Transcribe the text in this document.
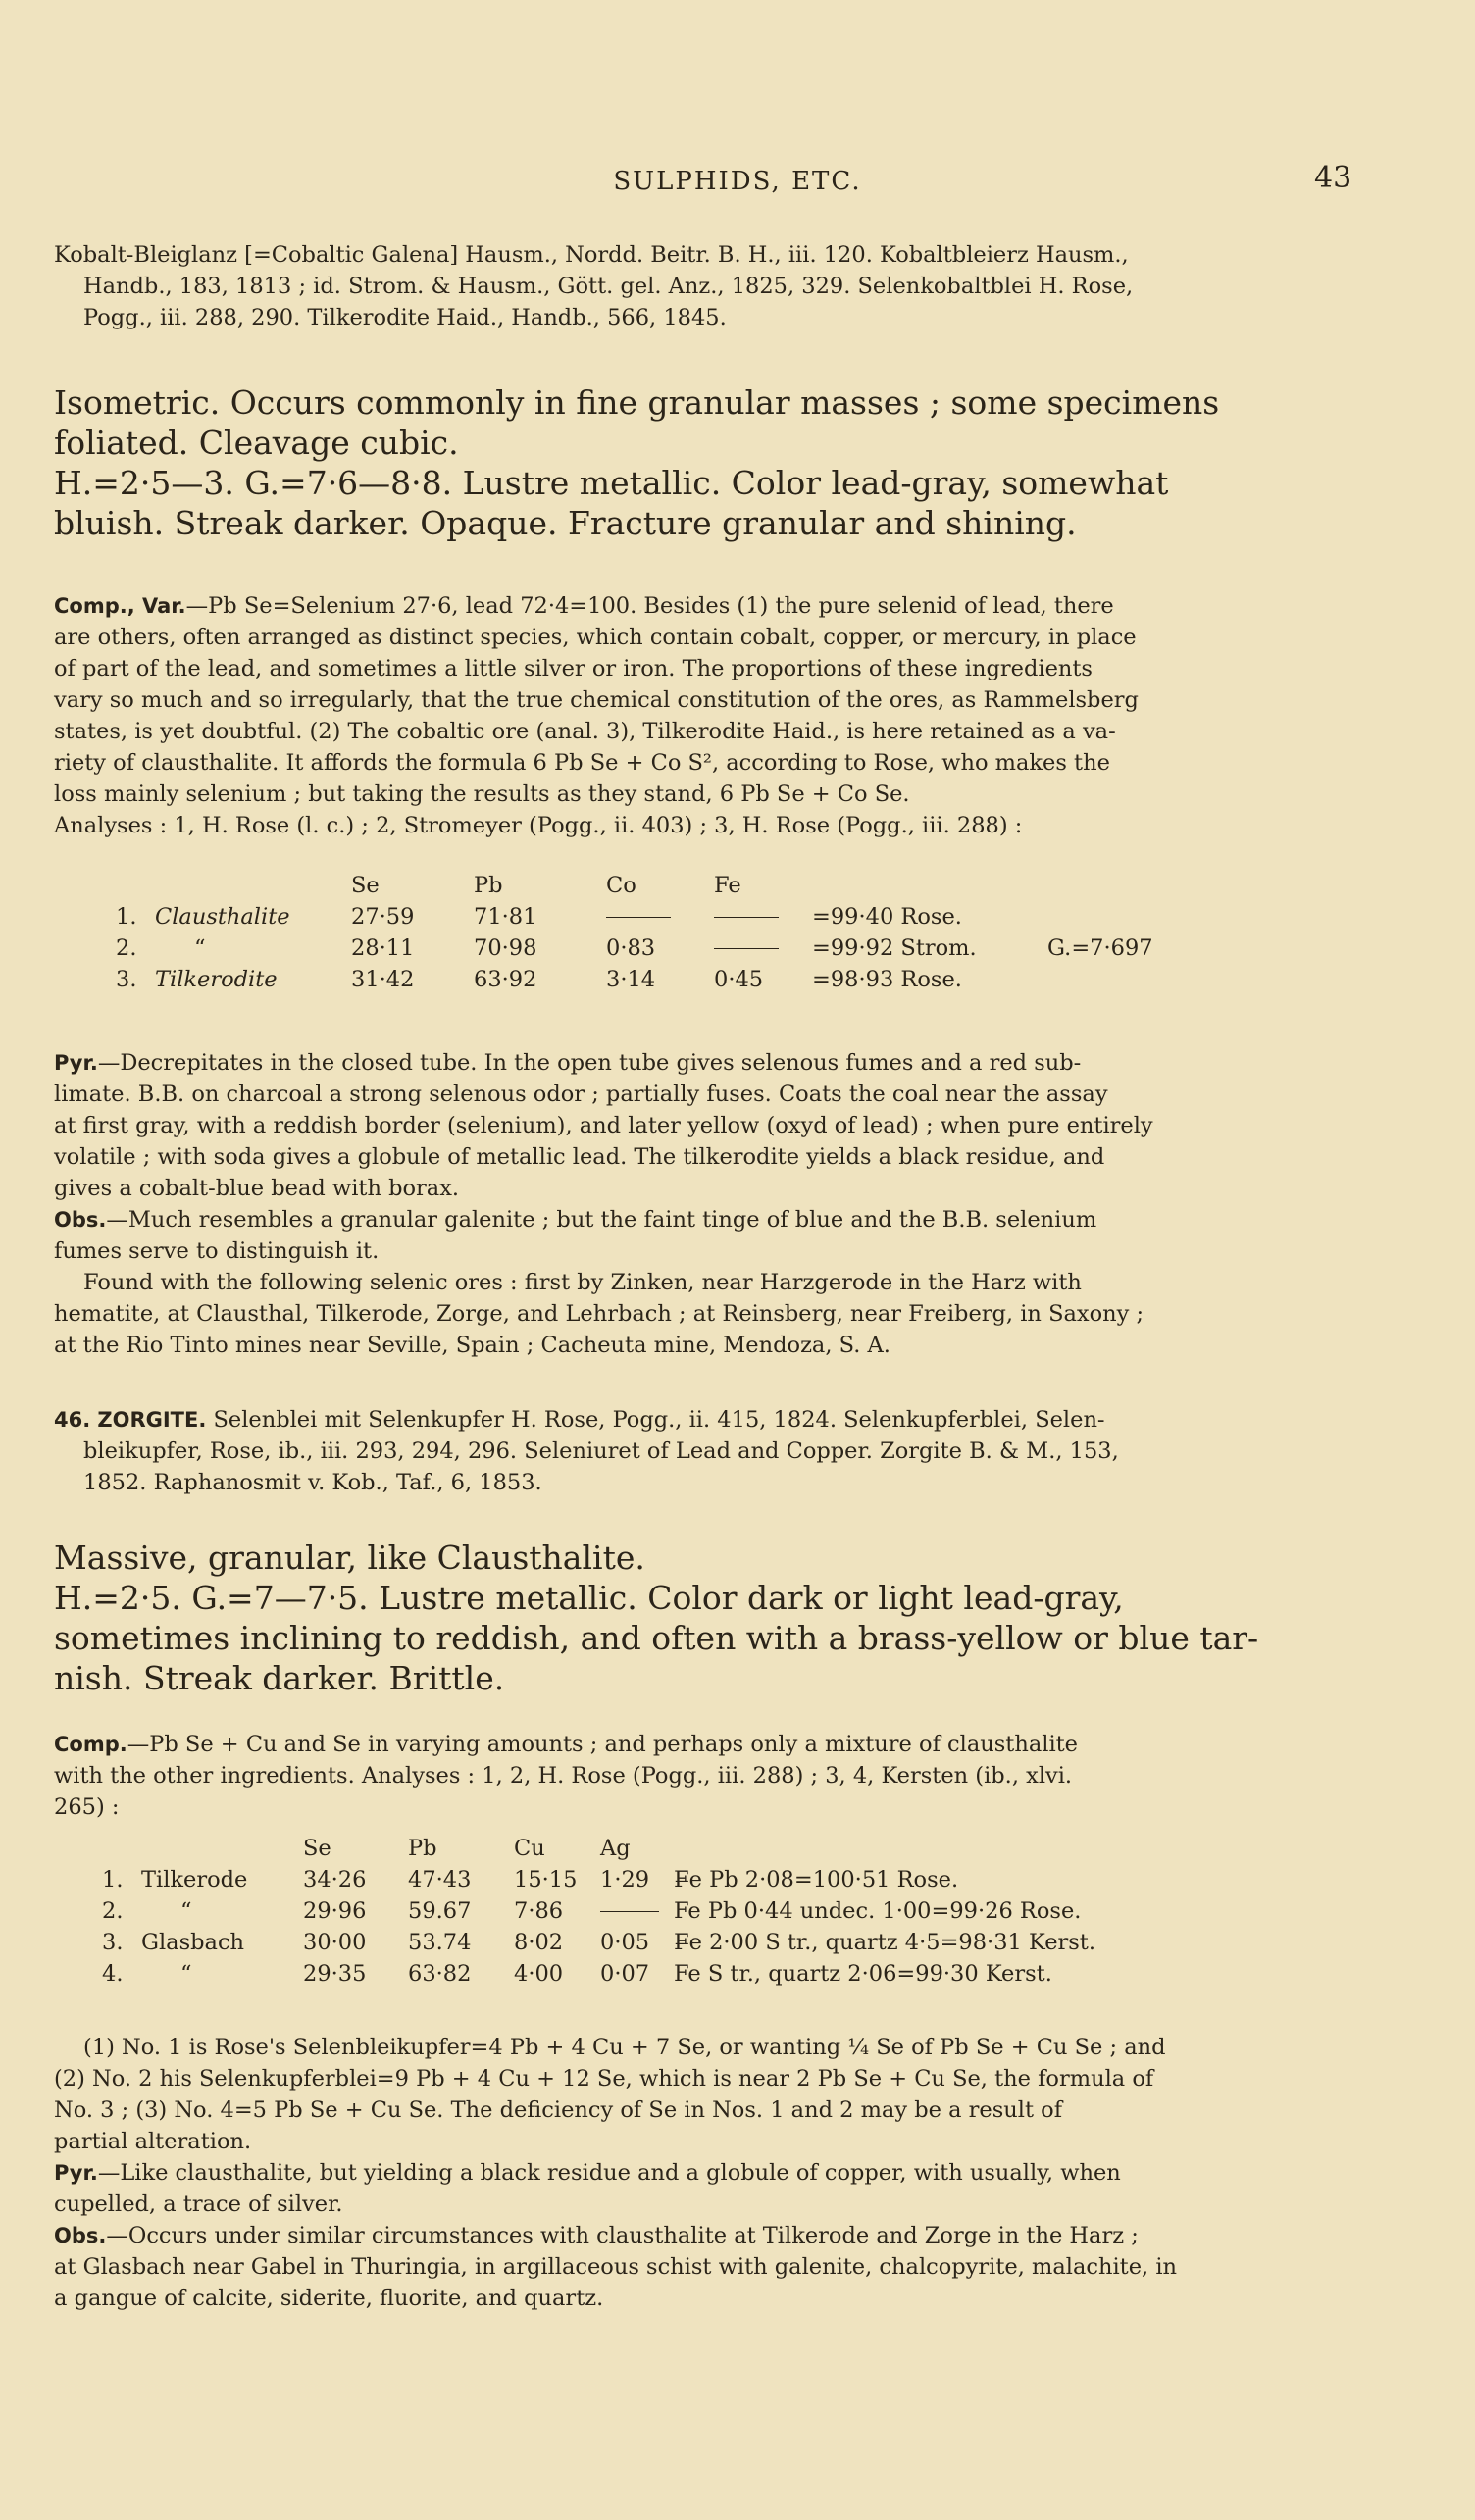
SULPHIDS, ETC.	43

Kobalt-Bleiglanz [=Cobaltic Galena] Hausm., Nordd. Beitr. B. H., iii. 120. Kobaltbleierz Hausm.,

Handb., 183, 1813 ; id. Strom. & Hausm., Gött. gel. Anz., 1825, 329. Selenkobaltblei H. Rose,

Pogg., iii. 288, 290. Tilkerodite Haid., Handb., 566, 1845.

Isometric. Occurs commonly in fine granular masses ; some specimens

foliated. Cleavage cubic.

H.=2·5—3. G.=7·6—8·8. Lustre metallic. Color lead-gray, somewhat

bluish. Streak darker. Opaque. Fracture granular and shining.

Comp., Var.—Pb Se=Selenium 27·6, lead 72·4=100. Besides (1) the pure selenid of lead, there

are others, often arranged as distinct species, which contain cobalt, copper, or mercury, in place

of part of the lead, and sometimes a little silver or iron. The proportions of these ingredients

vary so much and so irregularly, that the true chemical constitution of the ores, as Rammelsberg

states, is yet doubtful. (2) The cobaltic ore (anal. 3), Tilkerodite Haid., is here retained as a va-

riety of clausthalite. It affords the formula 6 Pb Se + Co S², according to Rose, who makes the

loss mainly selenium ; but taking the results as they stand, 6 Pb Se + Co Se.

Analyses : 1, H. Rose (l. c.) ; 2, Stromeyer (Pogg., ii. 403) ; 3, H. Rose (Pogg., iii. 288) :

		Se	Pb	Co	Fe		
1.	Clausthalite	27·59	71·81			=99·40 Rose.	
2.	“	28·11	70·98	0·83		=99·92 Strom.	G.=7·697
3.	Tilkerodite	31·42	63·92	3·14	0·45	=98·93 Rose.	

Pyr.—Decrepitates in the closed tube. In the open tube gives selenous fumes and a red sub-

limate. B.B. on charcoal a strong selenous odor ; partially fuses. Coats the coal near the assay

at first gray, with a reddish border (selenium), and later yellow (oxyd of lead) ; when pure entirely

volatile ; with soda gives a globule of metallic lead. The tilkerodite yields a black residue, and

gives a cobalt-blue bead with borax.

Obs.—Much resembles a granular galenite ; but the faint tinge of blue and the B.B. selenium

fumes serve to distinguish it.

Found with the following selenic ores : first by Zinken, near Harzgerode in the Harz with

hematite, at Clausthal, Tilkerode, Zorge, and Lehrbach ; at Reinsberg, near Freiberg, in Saxony ;

at the Rio Tinto mines near Seville, Spain ; Cacheuta mine, Mendoza, S. A.

46. ZORGITE. Selenblei mit Selenkupfer H. Rose, Pogg., ii. 415, 1824. Selenkupferblei, Selen-

bleikupfer, Rose, ib., iii. 293, 294, 296. Seleniuret of Lead and Copper. Zorgite B. & M., 153,

1852. Raphanosmit v. Kob., Taf., 6, 1853.

Massive, granular, like Clausthalite.

H.=2·5. G.=7—7·5. Lustre metallic. Color dark or light lead-gray,

sometimes inclining to reddish, and often with a brass-yellow or blue tar-

nish. Streak darker. Brittle.

Comp.—Pb Se + Cu and Se in varying amounts ; and perhaps only a mixture of clausthalite

with the other ingredients. Analyses : 1, 2, H. Rose (Pogg., iii. 288) ; 3, 4, Kersten (ib., xlvi.

265) :

		Se	Pb	Cu	Ag	
1.	Tilkerode	34·26	47·43	15·15	1·29	F̶e Pb 2·08=100·51 Rose.
2.	“	29·96	59.67	7·86		Fe Pb 0·44 undec. 1·00=99·26 Rose.
3.	Glasbach	30·00	53.74	8·02	0·05	F̶e 2·00 S tr., quartz 4·5=98·31 Kerst.
4.	“	29·35	63·82	4·00	0·07	Fe S tr., quartz 2·06=99·30 Kerst.

(1) No. 1 is Rose's Selenbleikupfer=4 Pb + 4 Cu + 7 Se, or wanting ¼ Se of Pb Se + Cu Se ; and

(2) No. 2 his Selenkupferblei=9 Pb + 4 Cu + 12 Se, which is near 2 Pb Se + Cu Se, the formula of

No. 3 ; (3) No. 4=5 Pb Se + Cu Se. The deficiency of Se in Nos. 1 and 2 may be a result of

partial alteration.

Pyr.—Like clausthalite, but yielding a black residue and a globule of copper, with usually, when

cupelled, a trace of silver.

Obs.—Occurs under similar circumstances with clausthalite at Tilkerode and Zorge in the Harz ;

at Glasbach near Gabel in Thuringia, in argillaceous schist with galenite, chalcopyrite, malachite, in

a gangue of calcite, siderite, fluorite, and quartz.
